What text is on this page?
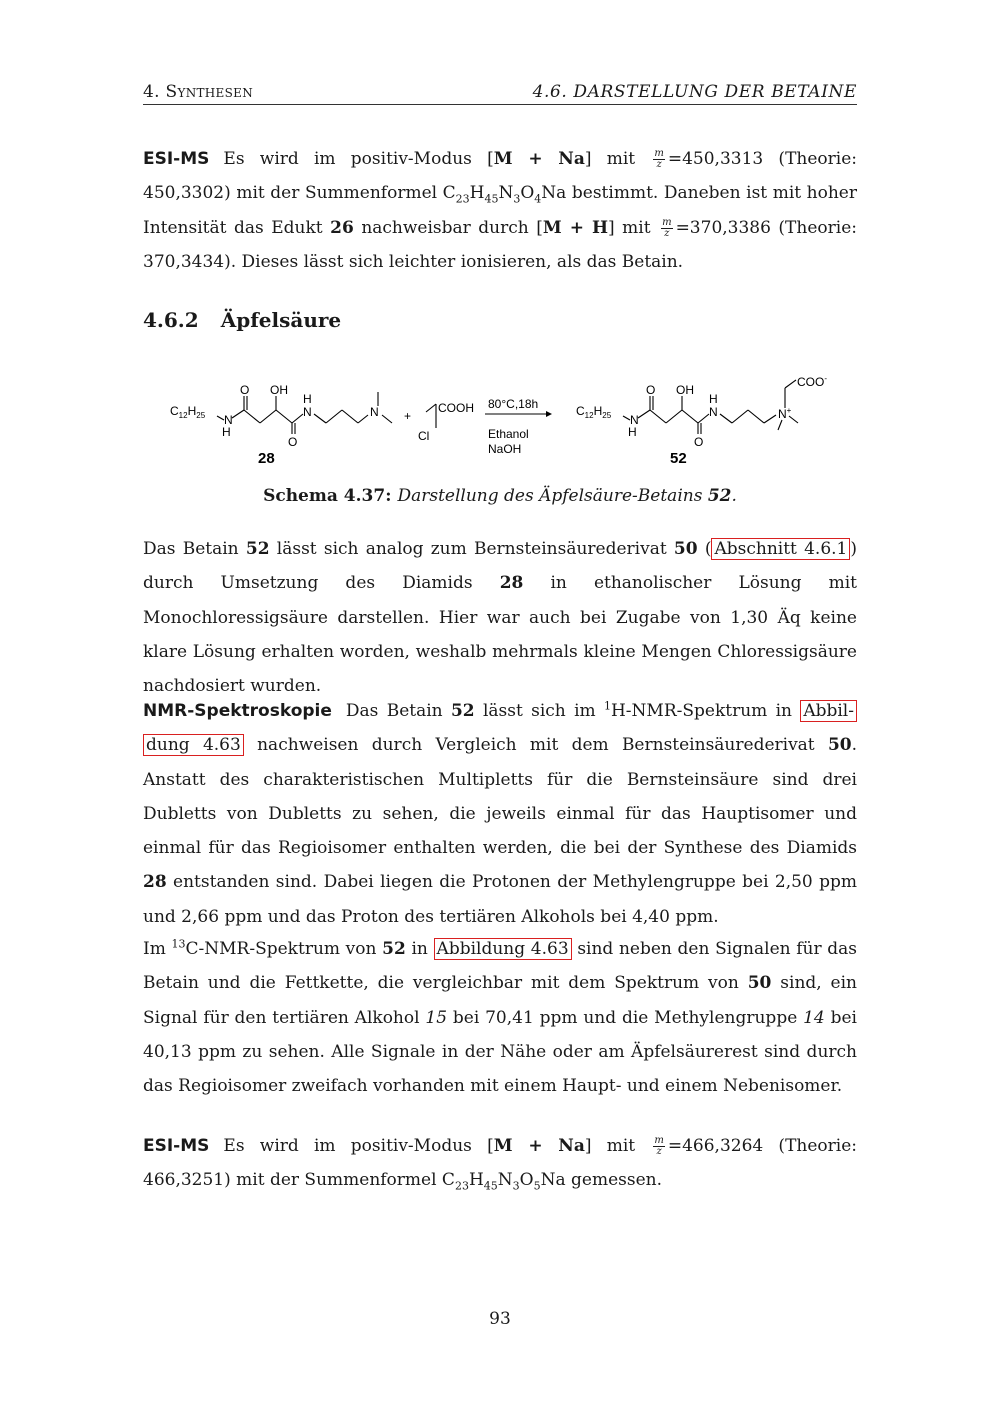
4. Synthesen	4.6. DARSTELLUNG DER BETAINE

ESI-MS Es wird im positiv-Modus [M + Na] mit $\frac{m}{z} =450,3313$ (Theorie: 450,3302) mit der Summenformel $C_{23}H_{45}N_3O_4Na$ bestimmt. Daneben ist mit hoher Intensität das Edukt 26 nachweisbar durch [M + H] mit $\frac{m}{z} =370,3386$ (Theorie: 370,3434). Dieses lässt sich leichter ionisieren, als das Betain.

4.6.2 Äpfelsäure
$C_{12}H_{25}$ N
H
O OH
O
H
N	N
28
+
COOH
Cl
80°C,18h
Ethanol
NaOH
$C_{12}H_{25}$ N
H
O OH
O
H
N	N+
COO-
52
Schema 4.37: Darstellung des Äpfelsäure-Betains 52.

Das Betain 52 lässt sich analog zum Bernsteinsäurederivat 50 ( Abschnitt 4.6.1 ) durch Umsetzung des Diamids 28 in ethanolischer Lösung mit Monochloressigsäure darstellen. Hier war auch bei Zugabe von 1,30 Äq keine klare Lösung erhalten worden, weshalb mehrmals kleine Mengen Chloressigsäure nachdosiert wurden.

NMR-Spektroskopie Das Betain 52 lässt sich im $^1$H-NMR-Spektrum in Abbil- dung 4.63 nachweisen durch Vergleich mit dem Bernsteinsäurederivat 50. Anstatt des charakteristischen Multipletts für die Bernsteinsäure sind drei Dubletts von Dubletts zu sehen, die jeweils einmal für das Hauptisomer und einmal für das Regioisomer enthalten werden, die bei der Synthese des Diamids 28 entstanden sind. Dabei liegen die Protonen der Methylengruppe bei 2,50 ppm und 2,66 ppm und das Proton des tertiären Alkohols bei 4,40 ppm.

Im $^{13}$C-NMR-Spektrum von 52 in Abbildung 4.63 sind neben den Signalen für das Betain und die Fettkette, die vergleichbar mit dem Spektrum von 50 sind, ein Signal für den tertiären Alkohol 15 bei 70,41 ppm und die Methylengruppe 14 bei 40,13 ppm zu sehen. Alle Signale in der Nähe oder am Äpfelsäurerest sind durch das Regioisomer zweifach vorhanden mit einem Haupt- und einem Nebenisomer.

ESI-MS Es wird im positiv-Modus [M + Na] mit $\frac{m}{z} =466,3264$ (Theorie: 466,3251) mit der Summenformel $C_{23}H_{45}N_3O_5Na$ gemessen.

93
